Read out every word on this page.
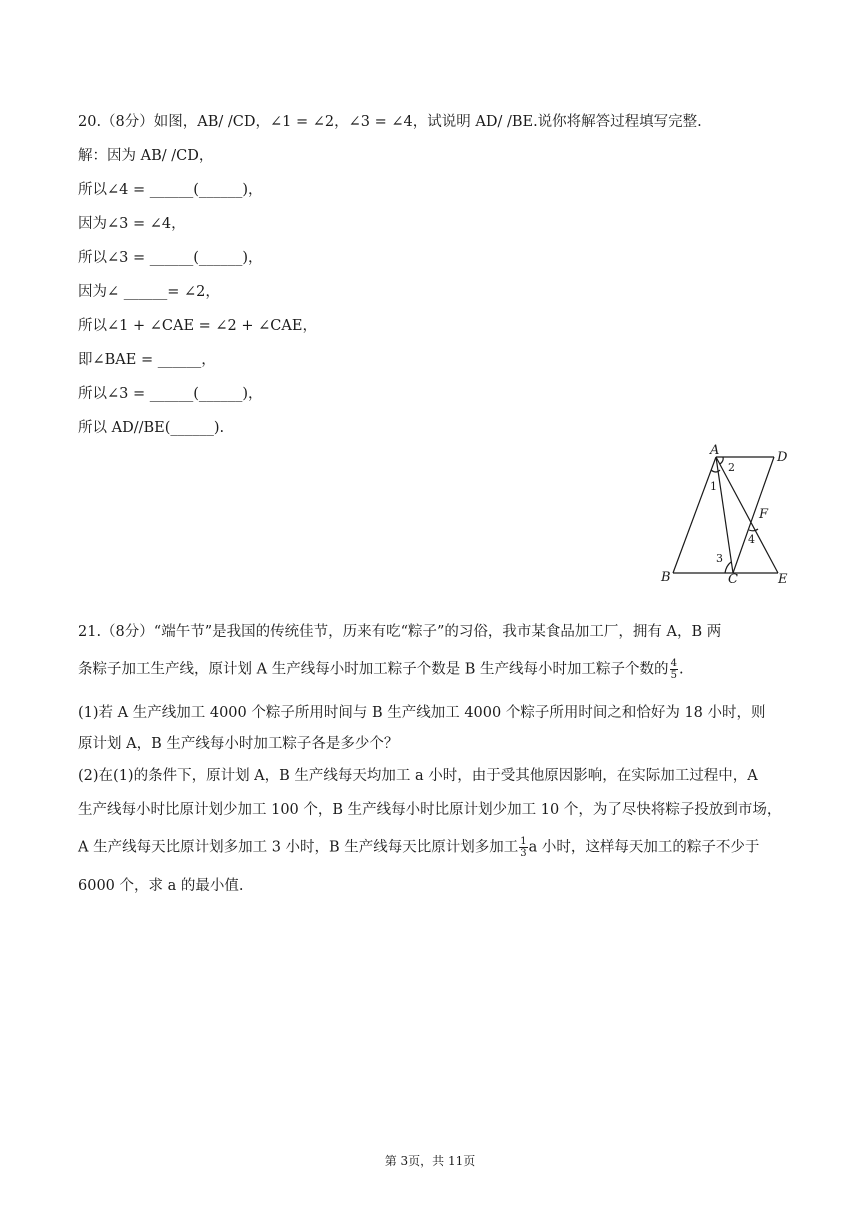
20.（8分）如图，AB/ /CD，∠1 = ∠2，∠3 = ∠4，试说明 AD/ /BE.说你将解答过程填写完整.
解：因为 AB/ /CD，
所以∠4 = ______(______)，
因为∠3 = ∠4，
所以∠3 = ______(______)，
因为∠ ______= ∠2，
所以∠1 + ∠CAE = ∠2 + ∠CAE，
即∠BAE = ______，
所以∠3 = ______(______)，
所以 AD//BE(______).
A	D
B	C	E
F
1
2
3
4
21.（8分）“端午节”是我国的传统佳节，历来有吃“粽子”的习俗，我市某食品加工厂，拥有 A，B 两
条粽子加工生产线，原计划 A 生产线每小时加工粽子个数是 B 生产线每小时加工粽子个数的 $\frac{4}{5}$ .
(1)若 A 生产线加工 4000 个粽子所用时间与 B 生产线加工 4000 个粽子所用时间之和恰好为 18 小时，则
原计划 A，B 生产线每小时加工粽子各是多少个？
(2)在(1)的条件下，原计划 A，B 生产线每天均加工 a 小时，由于受其他原因影响，在实际加工过程中，A
生产线每小时比原计划少加工 100 个，B 生产线每小时比原计划少加工 10 个，为了尽快将粽子投放到市场，
A 生产线每天比原计划多加工 3 小时，B 生产线每天比原计划多加工 $\frac{1}{3}$ a 小时，这样每天加工的粽子不少于
6000 个，求 a 的最小值.
第 3页，共 11页
